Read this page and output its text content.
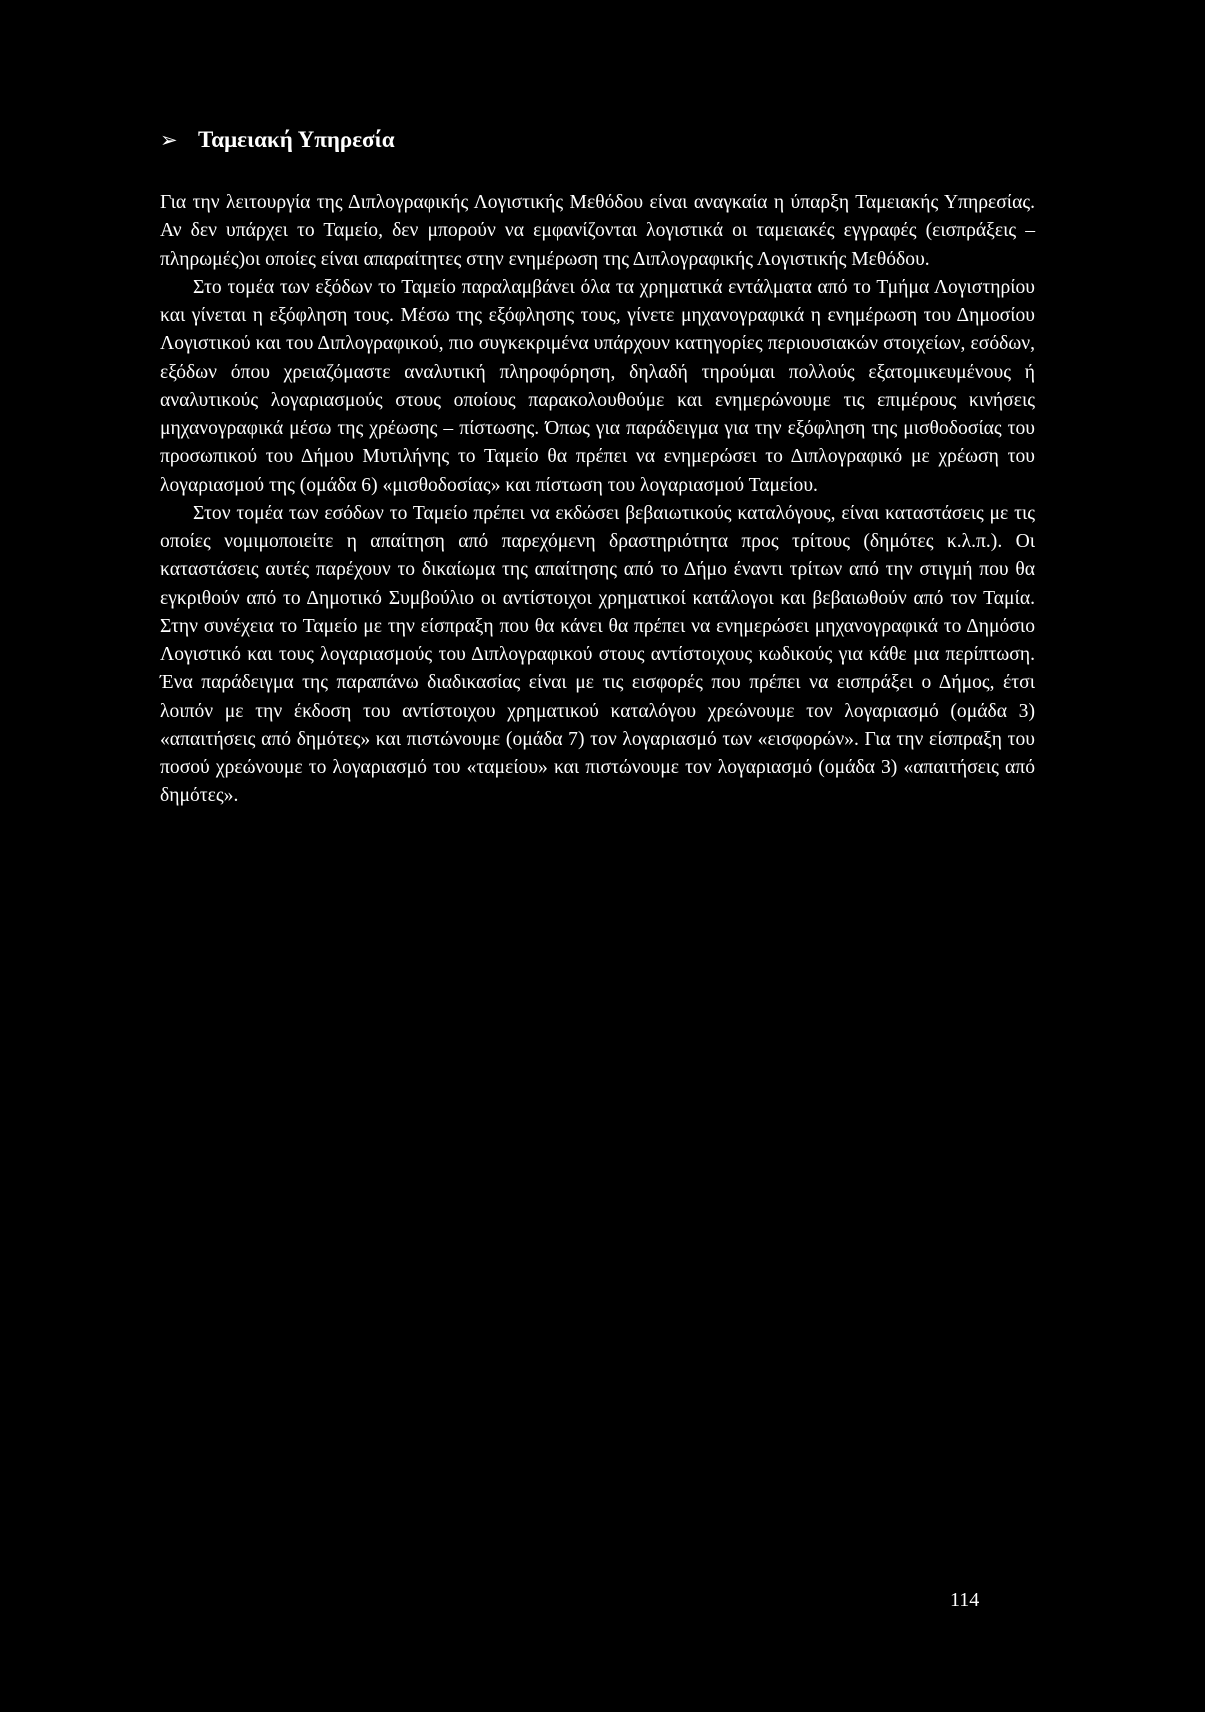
➢ Ταμειακή Υπηρεσία

Για την λειτουργία της Διπλογραφικής Λογιστικής Μεθόδου είναι αναγκαία η ύπαρξη Ταμειακής Υπηρεσίας. Αν δεν υπάρχει το Ταμείο, δεν μπορούν να εμφανίζονται λογιστικά οι ταμειακές εγγραφές (εισπράξεις – πληρωμές)οι οποίες είναι απαραίτητες στην ενημέρωση της Διπλογραφικής Λογιστικής Μεθόδου.

Στο τομέα των εξόδων το Ταμείο παραλαμβάνει όλα τα χρηματικά εντάλματα από το Τμήμα Λογιστηρίου και γίνεται η εξόφληση τους. Μέσω της εξόφλησης τους, γίνετε μηχανογραφικά η ενημέρωση του Δημοσίου Λογιστικού και του Διπλογραφικού, πιο συγκεκριμένα υπάρχουν κατηγορίες περιουσιακών στοιχείων, εσόδων, εξόδων όπου χρειαζόμαστε αναλυτική πληροφόρηση, δηλαδή τηρούμαι πολλούς εξατομικευμένους ή αναλυτικούς λογαριασμούς στους οποίους παρακολουθούμε και ενημερώνουμε τις επιμέρους κινήσεις μηχανογραφικά μέσω της χρέωσης – πίστωσης. Όπως για παράδειγμα για την εξόφληση της μισθοδοσίας του προσωπικού του Δήμου Μυτιλήνης το Ταμείο θα πρέπει να ενημερώσει το Διπλογραφικό με χρέωση του λογαριασμού της (ομάδα 6) «μισθοδοσίας» και πίστωση του λογαριασμού Ταμείου.

Στον τομέα των εσόδων το Ταμείο πρέπει να εκδώσει βεβαιωτικούς καταλόγους, είναι καταστάσεις με τις οποίες νομιμοποιείτε η απαίτηση από παρεχόμενη δραστηριότητα προς τρίτους (δημότες κ.λ.π.). Οι καταστάσεις αυτές παρέχουν το δικαίωμα της απαίτησης από το Δήμο έναντι τρίτων από την στιγμή που θα εγκριθούν από το Δημοτικό Συμβούλιο οι αντίστοιχοι χρηματικοί κατάλογοι και βεβαιωθούν από τον Ταμία. Στην συνέχεια το Ταμείο με την είσπραξη που θα κάνει θα πρέπει να ενημερώσει μηχανογραφικά το Δημόσιο Λογιστικό και τους λογαριασμούς του Διπλογραφικού στους αντίστοιχους κωδικούς για κάθε μια περίπτωση. Ένα παράδειγμα της παραπάνω διαδικασίας είναι με τις εισφορές που πρέπει να εισπράξει ο Δήμος, έτσι λοιπόν με την έκδοση του αντίστοιχου χρηματικού καταλόγου χρεώνουμε τον λογαριασμό (ομάδα 3) «απαιτήσεις από δημότες» και πιστώνουμε (ομάδα 7) τον λογαριασμό των «εισφορών». Για την είσπραξη του ποσού χρεώνουμε το λογαριασμό του «ταμείου» και πιστώνουμε τον λογαριασμό (ομάδα 3) «απαιτήσεις από δημότες».

114
